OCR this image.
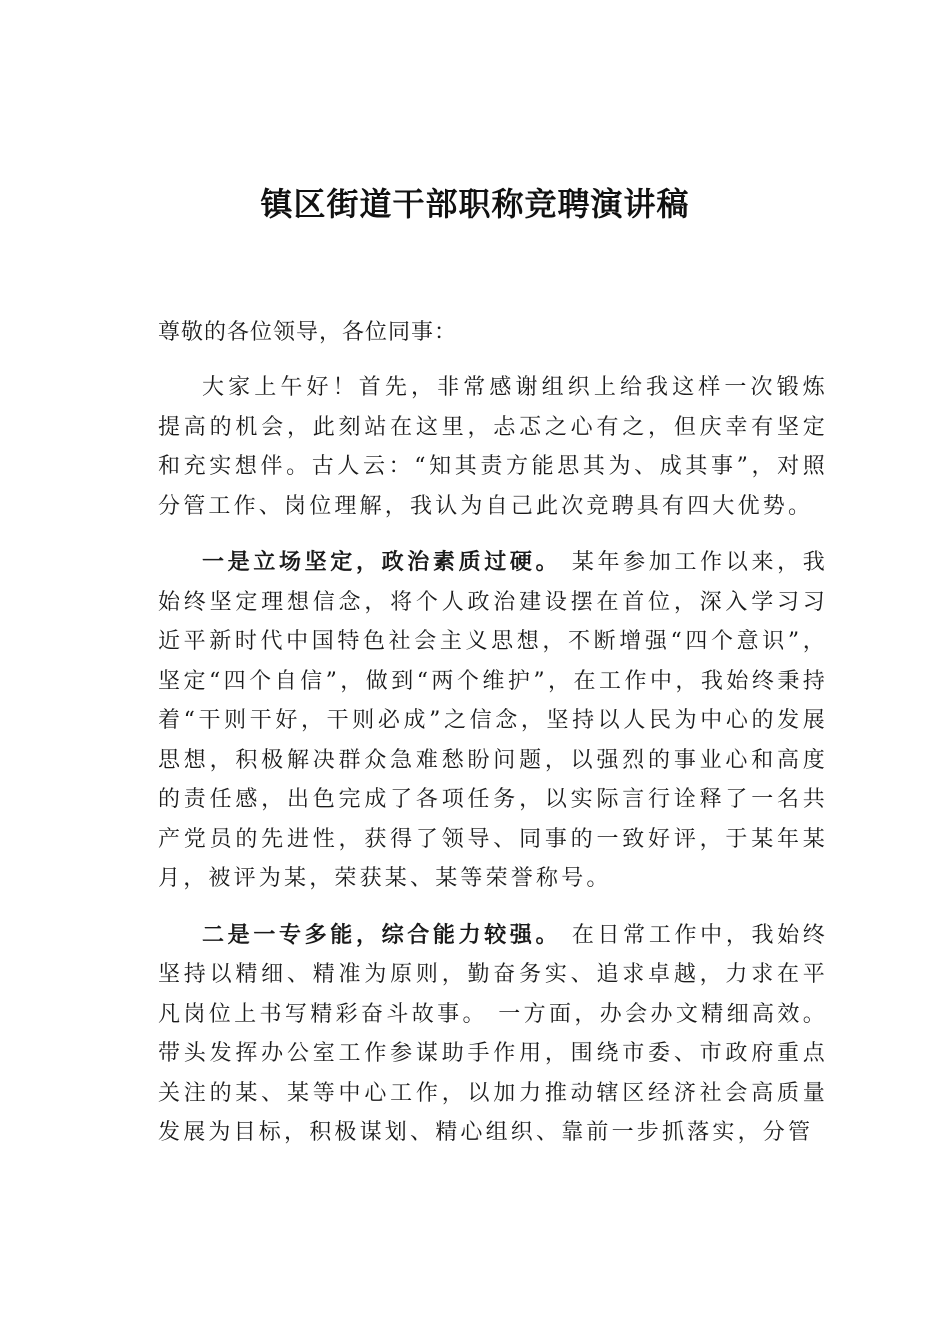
镇区街道干部职称竞聘演讲稿

尊敬的各位领导，各位同事：

大家上午好！首先，非常感谢组织上给我这样一次锻炼提高的机会，此刻站在这里，忐忑之心有之，但庆幸有坚定和充实想伴。古人云：“知其责方能思其为、成其事”，对照分管工作、岗位理解，我认为自己此次竞聘具有四大优势。

一是立场坚定，政治素质过硬。 某年参加工作以来，我始终坚定理想信念，将个人政治建设摆在首位，深入学习习近平新时代中国特色社会主义思想，不断增强“四个意识”，坚定“四个自信”，做到“两个维护”，在工作中，我始终秉持着“干则干好，干则必成”之信念，坚持以人民为中心的发展思想，积极解决群众急难愁盼问题，以强烈的事业心和高度的责任感，出色完成了各项任务，以实际言行诠释了一名共产党员的先进性，获得了领导、同事的一致好评，于某年某月，被评为某，荣获某、某等荣誉称号。

二是一专多能，综合能力较强。 在日常工作中，我始终坚持以精细、精准为原则，勤奋务实、追求卓越，力求在平凡岗位上书写精彩奋斗故事。 一方面，办会办文精细高效。带头发挥办公室工作参谋助手作用，围绕市委、市政府重点关注的某、某等中心工作，以加力推动辖区经济社会高质量发展为目标，积极谋划、精心组织、靠前一步抓落实，分管
